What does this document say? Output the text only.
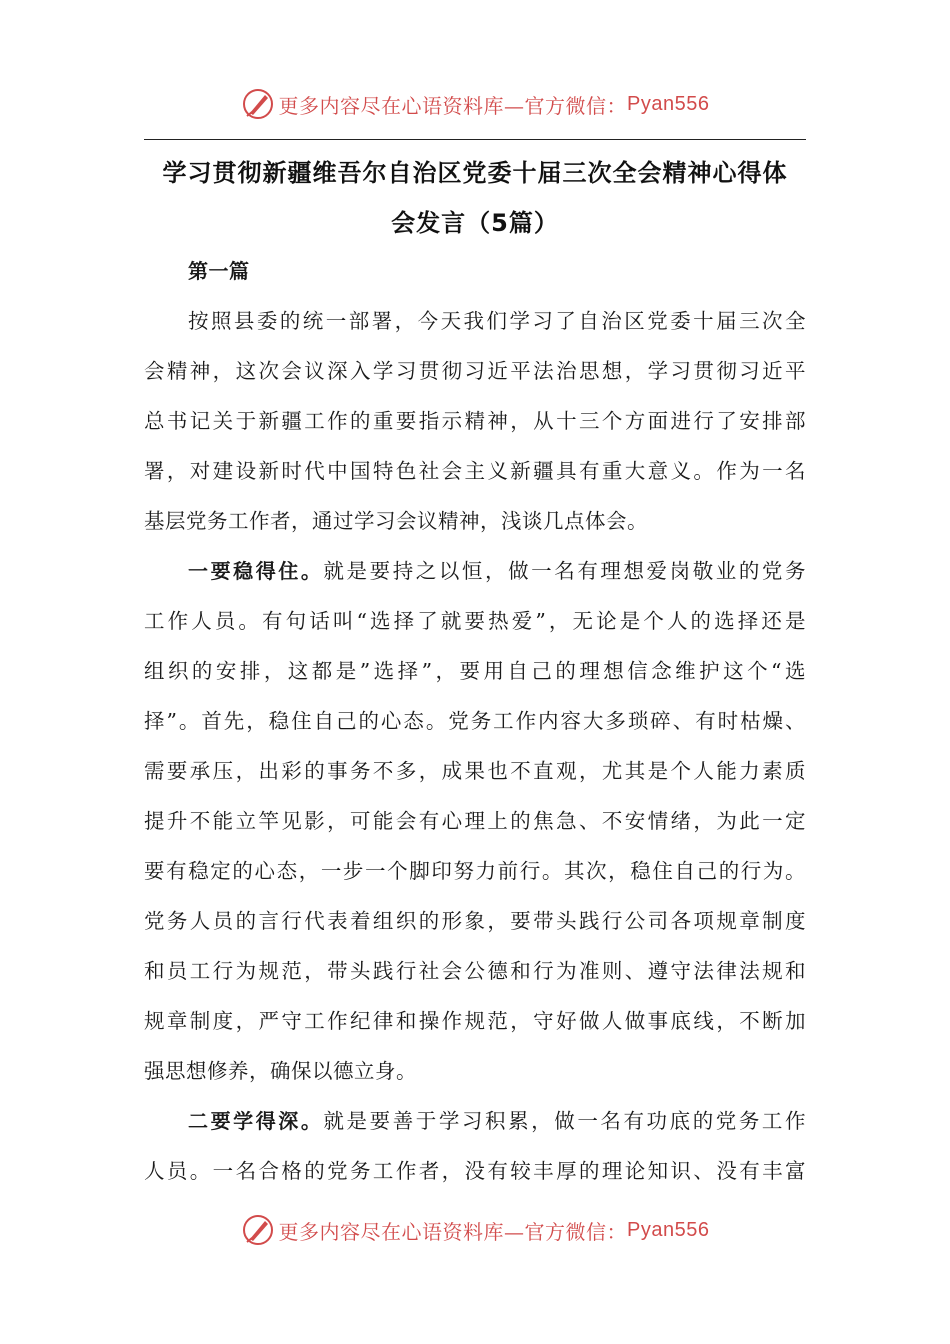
更多内容尽在心语资料库—官方微信： Pyan556
学习贯彻新疆维吾尔自治区党委十届三次全会精神心得体
会发言（5篇）
第一篇
按照县委的统一部署，今天我们学习了自治区党委十届三次全
会精神，这次会议深入学习贯彻习近平法治思想，学习贯彻习近平
总书记关于新疆工作的重要指示精神，从十三个方面进行了安排部
署，对建设新时代中国特色社会主义新疆具有重大意义。作为一名
基层党务工作者，通过学习会议精神，浅谈几点体会。
一要稳得住。就是要持之以恒，做一名有理想爱岗敬业的党务
工作人员。有句话叫“选择了就要热爱”，无论是个人的选择还是
组织的安排，这都是”选择”，要用自己的理想信念维护这个“选
择”。首先，稳住自己的心态。党务工作内容大多琐碎、有时枯燥、
需要承压，出彩的事务不多，成果也不直观，尤其是个人能力素质
提升不能立竿见影，可能会有心理上的焦急、不安情绪，为此一定
要有稳定的心态，一步一个脚印努力前行。其次，稳住自己的行为。
党务人员的言行代表着组织的形象，要带头践行公司各项规章制度
和员工行为规范，带头践行社会公德和行为准则、遵守法律法规和
规章制度，严守工作纪律和操作规范，守好做人做事底线，不断加
强思想修养，确保以德立身。
二要学得深。就是要善于学习积累，做一名有功底的党务工作
人员。一名合格的党务工作者，没有较丰厚的理论知识、没有丰富
更多内容尽在心语资料库—官方微信： Pyan556
